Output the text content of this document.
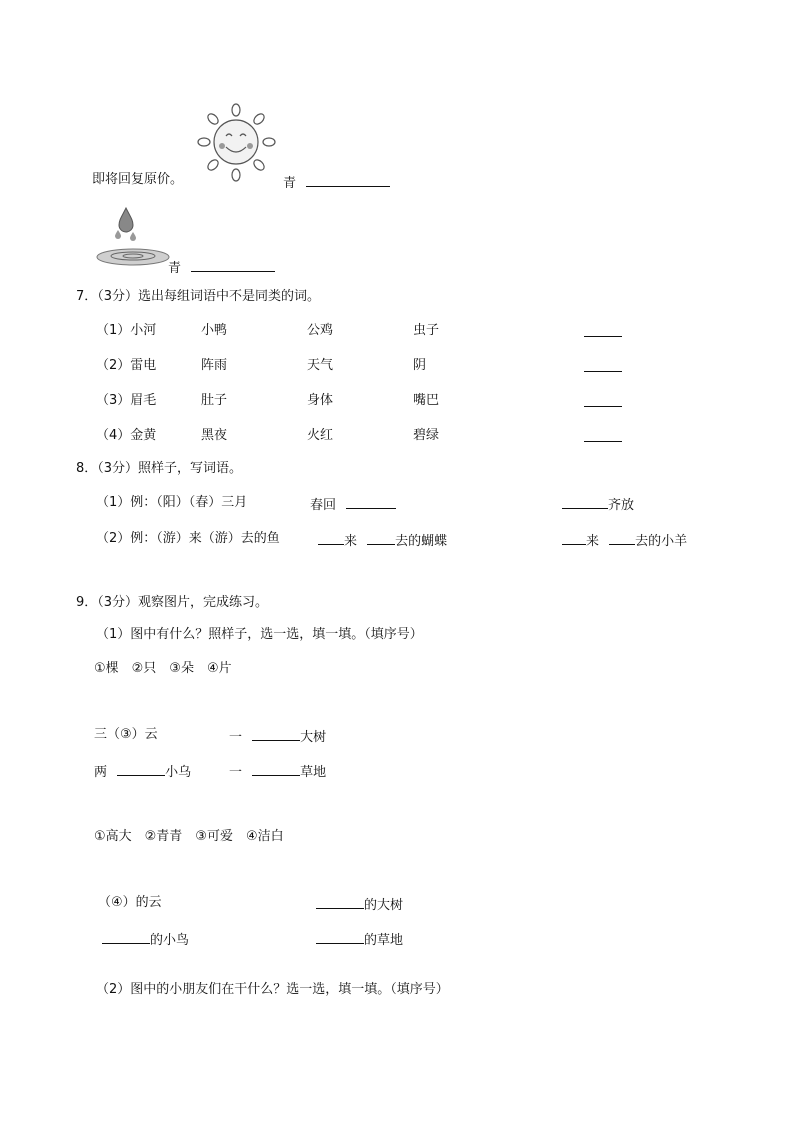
即将回复原价。	青
青
7．（3分）选出每组词语中不是同类的词。
（1）小河	小鸭	公鸡	虫子
（2）雷电	阵雨	天气	阴
（3）眉毛	肚子	身体	嘴巴
（4）金黄	黑夜	火红	碧绿
8．（3分）照样子，写词语。
（1）例：（阳）（春）三月	春回	齐放
（2）例：（游）来（游）去的鱼	来	去的蝴蝶	来	去的小羊
9．（3分）观察图片，完成练习。
（1）图中有什么？照样子，选一选，填一填。（填序号）
①棵　②只　③朵　④片
三（③）云	一	大树
两	小乌	一	草地
①高大　②青青　③可爱　④洁白
（④）的云	的大树
的小鸟	的草地
（2）图中的小朋友们在干什么？选一选，填一填。（填序号）
